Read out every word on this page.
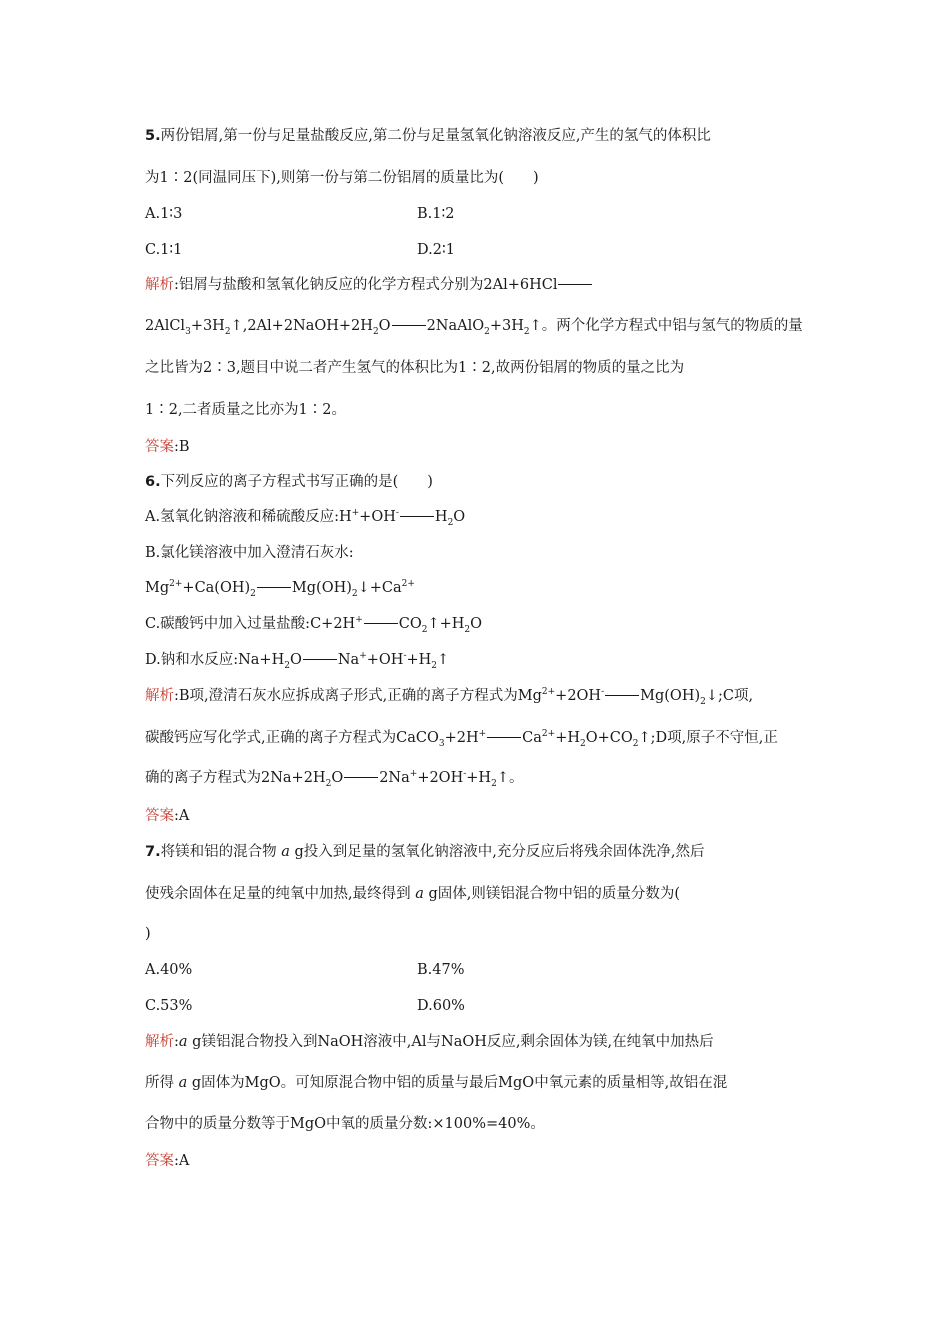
5.两份铝屑,第一份与足量盐酸反应,第二份与足量氢氧化钠溶液反应,产生的氢气的体积比
为1∶2(同温同压下),则第一份与第二份铝屑的质量比为(　　)
A.1∶3	B.1∶2
C.1∶1	D.2∶1
解析:铝屑与盐酸和氢氧化钠反应的化学方程式分别为2Al+6HCl
$2AlCl_3+3H_2↑,2Al+2NaOH+2H_2O$ $2NaAlO_2+3H_2↑$。两个化学方程式中铝与氢气的物质的量
之比皆为2∶3,题目中说二者产生氢气的体积比为1∶2,故两份铝屑的物质的量之比为
1∶2,二者质量之比亦为1∶2。
答案:B
6.下列反应的离子方程式书写正确的是(　　)
A.氢氧化钠溶液和稀硫酸反应:H++OH- $H_2O$
B.氯化镁溶液中加入澄清石灰水:
$Mg^{2+}+Ca(OH)_2$ $Mg(OH)_2↓+Ca^{2+}$
C.碳酸钙中加入过量盐酸:C+2H+ $CO_2↑+H_2O$
D.钠和水反应$:Na+H_2O$ $Na^++OH^-+H_2↑$
解析:B项,澄清石灰水应拆成离子形式,正确的离子方程式为$Mg^{2+}+2OH^-$ $Mg(OH)_2↓;C$项,
碳酸钙应写化学式,正确的离子方程式为CaCO$_3$+2H+ $Ca^{2+}+H_2O+CO_2↑;D$项,原子不守恒,正
确的离子方程式为$2Na+2H_2O$ $2Na^++2OH^-+H_2↑$。
答案:A
7.将镁和铝的混合物 a g投入到足量的氢氧化钠溶液中,充分反应后将残余固体洗净,然后
使残余固体在足量的纯氧中加热,最终得到 a g固体,则镁铝混合物中铝的质量分数为(
)
A.40%	B.47%
C.53%	D.60%
解析:a g镁铝混合物投入到NaOH溶液中,Al与NaOH反应,剩余固体为镁,在纯氧中加热后
所得 a g固体为MgO。可知原混合物中铝的质量与最后MgO中氧元素的质量相等,故铝在混
合物中的质量分数等于MgO中氧的质量分数:×100%=40%。
答案:A
